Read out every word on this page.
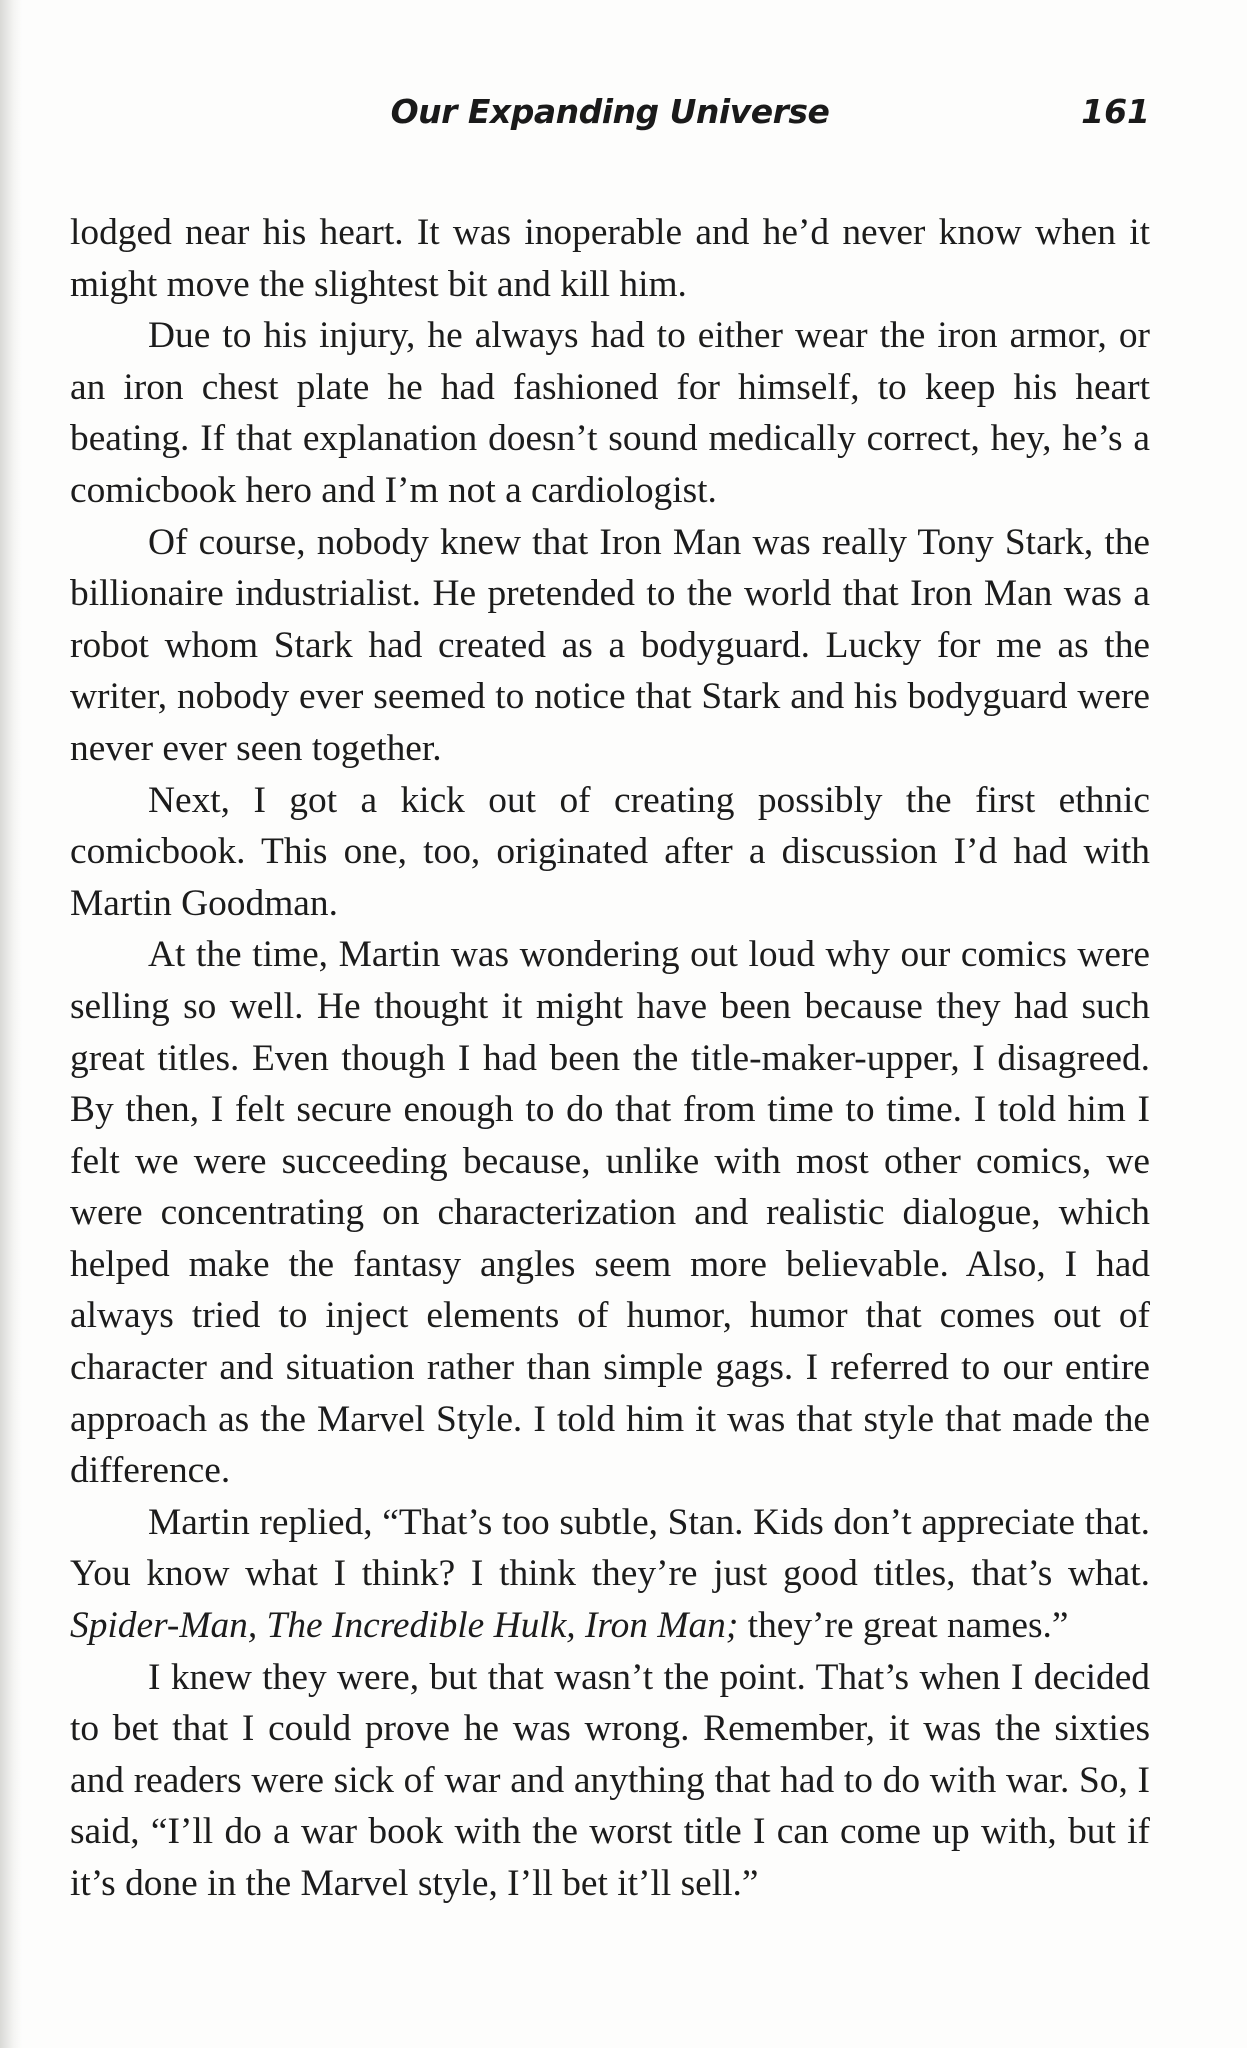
Our Expanding Universe	161

lodged near his heart. It was inoperable and he’d never know when it might move the slightest bit and kill him.

Due to his injury, he always had to either wear the iron armor, or an iron chest plate he had fashioned for himself, to keep his heart beating. If that explanation doesn’t sound medically correct, hey, he’s a comicbook hero and I’m not a cardiologist.

Of course, nobody knew that Iron Man was really Tony Stark, the billionaire industrialist. He pretended to the world that Iron Man was a robot whom Stark had created as a bodyguard. Lucky for me as the writer, nobody ever seemed to notice that Stark and his bodyguard were never ever seen together.

Next, I got a kick out of creating possibly the first ethnic comicbook. This one, too, originated after a discussion I’d had with Martin Goodman.

At the time, Martin was wondering out loud why our comics were selling so well. He thought it might have been because they had such great titles. Even though I had been the title-maker-upper, I disagreed. By then, I felt secure enough to do that from time to time. I told him I felt we were succeeding because, unlike with most other comics, we were concentrating on characterization and realistic dialogue, which helped make the fantasy angles seem more believable. Also, I had always tried to inject elements of humor, humor that comes out of character and situation rather than simple gags. I referred to our entire approach as the Marvel Style. I told him it was that style that made the difference.

Martin replied, “That’s too subtle, Stan. Kids don’t appreciate that. You know what I think? I think they’re just good titles, that’s what. Spider-Man, The Incredible Hulk, Iron Man; they’re great names.”

I knew they were, but that wasn’t the point. That’s when I decided to bet that I could prove he was wrong. Remember, it was the sixties and readers were sick of war and anything that had to do with war. So, I said, “I’ll do a war book with the worst title I can come up with, but if it’s done in the Marvel style, I’ll bet it’ll sell.”
